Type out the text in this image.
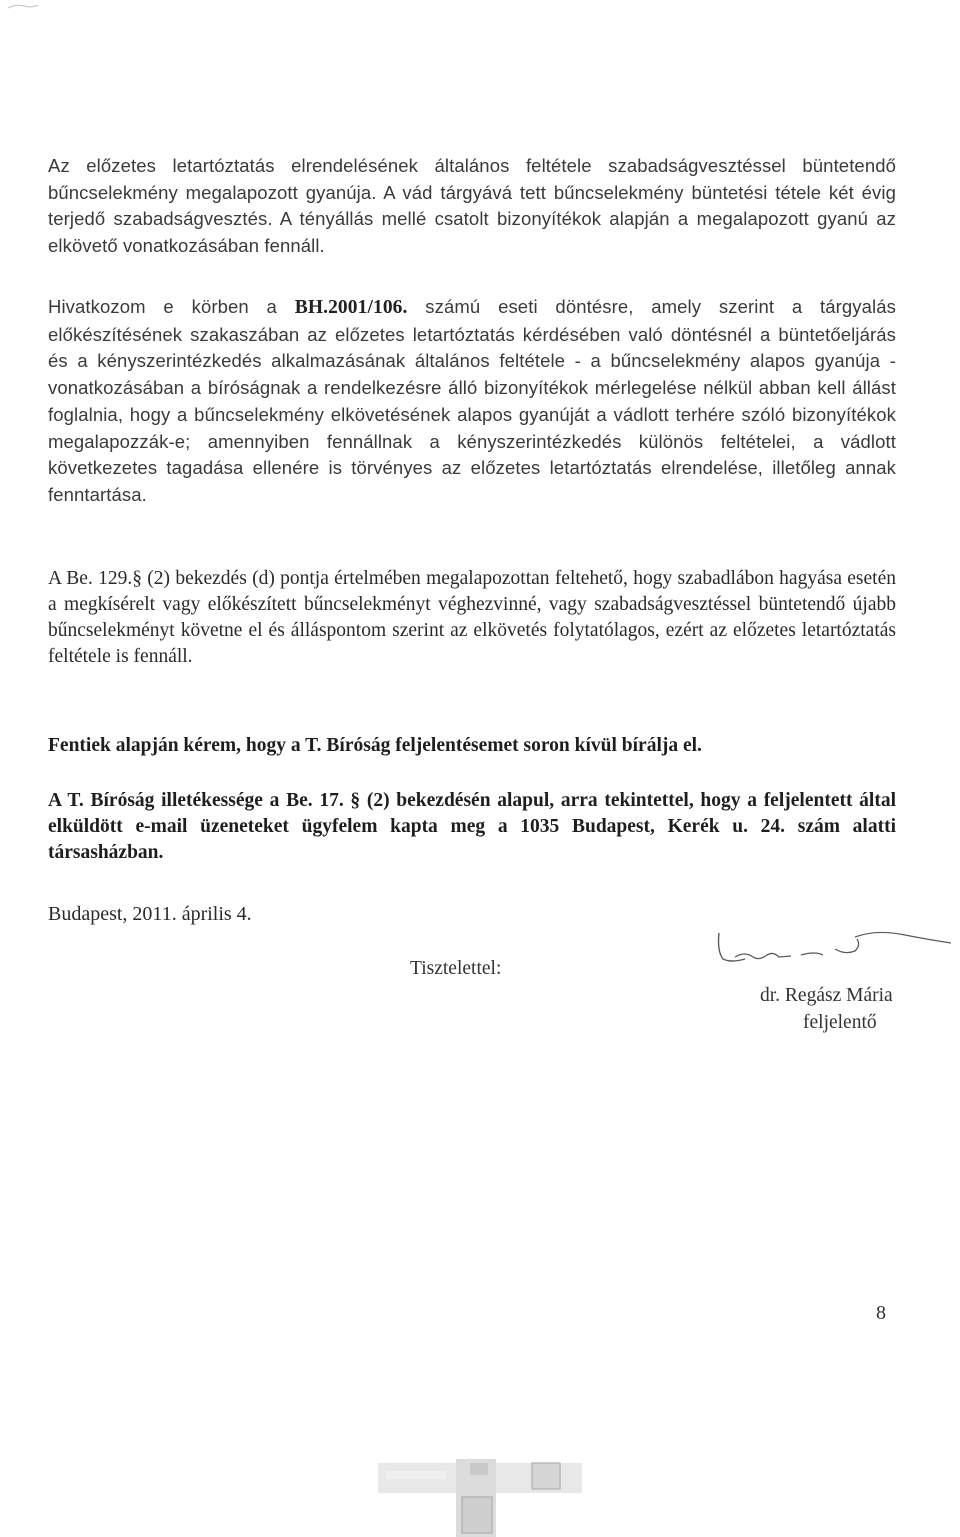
Az előzetes letartóztatás elrendelésének általános feltétele szabadságvesztéssel büntetendő bűncselekmény megalapozott gyanúja. A vád tárgyává tett bűncselekmény büntetési tétele két évig terjedő szabadságvesztés. A tényállás mellé csatolt bizonyítékok alapján a megalapozott gyanú az elkövető vonatkozásában fennáll.

Hivatkozom e körben a BH.2001/106. számú eseti döntésre, amely szerint a tárgyalás előkészítésének szakaszában az előzetes letartóztatás kérdésében való döntésnél a büntetőeljárás és a kényszerintézkedés alkalmazásának általános feltétele - a bűncselekmény alapos gyanúja - vonatkozásában a bíróságnak a rendelkezésre álló bizonyítékok mérlegelése nélkül abban kell állást foglalnia, hogy a bűncselekmény elkövetésének alapos gyanúját a vádlott terhére szóló bizonyítékok megalapozzák-e; amennyiben fennállnak a kényszerintézkedés különös feltételei, a vádlott következetes tagadása ellenére is törvényes az előzetes letartóztatás elrendelése, illetőleg annak fenntartása.

A Be. 129.§ (2) bekezdés (d) pontja értelmében megalapozottan feltehető, hogy szabadlábon hagyása esetén a megkísérelt vagy előkészített bűncselekményt véghezvinné, vagy szabadságvesztéssel büntetendő újabb bűncselekményt követne el és álláspontom szerint az elkövetés folytatólagos, ezért az előzetes letartóztatás feltétele is fennáll.

Fentiek alapján kérem, hogy a T. Bíróság feljelentésemet soron kívül bírálja el.

A T. Bíróság illetékessége a Be. 17. § (2) bekezdésén alapul, arra tekintettel, hogy a feljelentett által elküldött e-mail üzeneteket ügyfelem kapta meg a 1035 Budapest, Kerék u. 24. szám alatti társasházban.

Budapest, 2011. április 4.

Tisztelettel:
dr. Regász Mária
feljelentő
8
